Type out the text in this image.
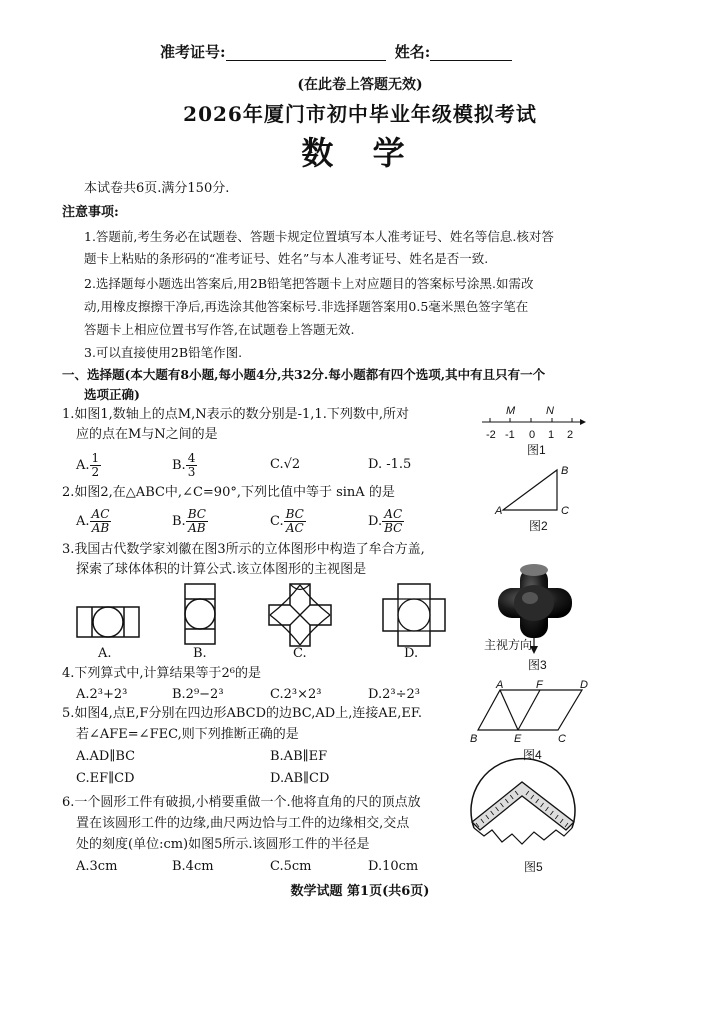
准考证号:	姓名:
(在此卷上答题无效)
2026年厦门市初中毕业年级模拟考试
数 学
本试卷共6页.满分150分.
注意事项:
1.答题前,考生务必在试题卷、答题卡规定位置填写本人准考证号、姓名等信息.核对答
题卡上粘贴的条形码的“准考证号、姓名”与本人准考证号、姓名是否一致.
2.选择题每小题选出答案后,用2B铅笔把答题卡上对应题目的答案标号涂黑.如需改
动,用橡皮擦擦干净后,再选涂其他答案标号.非选择题答案用0.5毫米黑色签字笔在
答题卡上相应位置书写作答,在试题卷上答题无效.
3.可以直接使用2B铅笔作图.
一、选择题(本大题有8小题,每小题4分,共32分.每小题都有四个选项,其中有且只有一个
选项正确)
1.如图1,数轴上的点M,N表示的数分别是-1,1.下列数中,所对
应的点在M与N之间的是
A. $\frac{1}{2}$	B. $\frac{4}{3}$	C.√2	D. -1.5
M	N
-2 -1 0 1 2
图1
2.如图2,在△ABC中,∠C=90°,下列比值中等于 sinA 的是
A. $\frac{AC}{AB}$	B. $\frac{BC}{AB}$	C. $\frac{BC}{AC}$	D. $\frac{AC}{BC}$	A
B
C
图2
3.我国古代数学家刘徽在图3所示的立体图形中构造了牟合方盖,
探索了球体体积的计算公式.该立体图形的主视图是
A.	B.	C.	D.
主视方向
图3
4.下列算式中,计算结果等于2⁶的是
A.2³+2³	B.2⁹−2³	C.2³×2³	D.2³÷2³
A	F	D
B	E	C
图4
5.如图4,点E,F分别在四边形ABCD的边BC,AD上,连接AE,EF.
若∠AFE=∠FEC,则下列推断正确的是
A.AD∥BC	B.AB∥EF
C.EF∥CD	D.AB∥CD
6.一个圆形工件有破损,小梢要重做一个.他将直角的尺的顶点放
置在该圆形工件的边缘,曲尺两边恰与工件的边缘相交,交点
处的刻度(单位:cm)如图5所示.该圆形工件的半径是
A.3cm	B.4cm	C.5cm	D.10cm	图5
数学试题 第1页(共6页)
